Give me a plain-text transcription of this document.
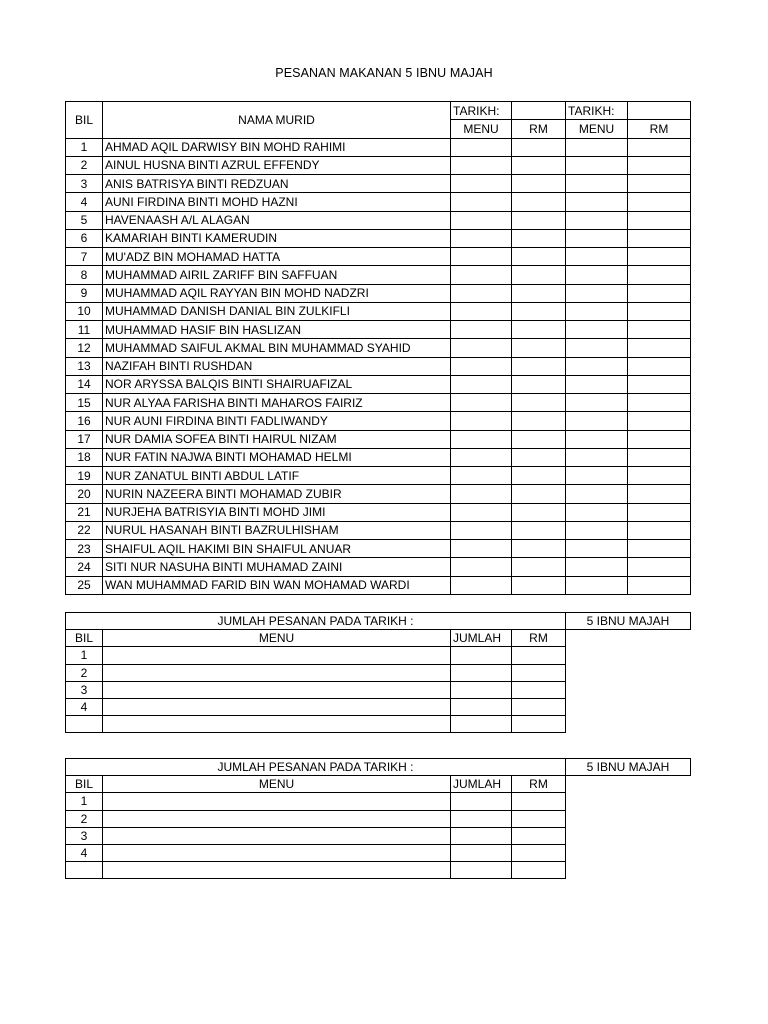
PESANAN MAKANAN 5 IBNU MAJAH
BIL	NAMA MURID	TARIKH:		TARIKH:	
		MENU	RM	MENU	RM
1	AHMAD AQIL DARWISY BIN MOHD RAHIMI				
2	AINUL HUSNA BINTI AZRUL EFFENDY				
3	ANIS BATRISYA BINTI REDZUAN				
4	AUNI FIRDINA BINTI MOHD HAZNI				
5	HAVENAASH A/L ALAGAN				
6	KAMARIAH BINTI KAMERUDIN				
7	MU'ADZ BIN MOHAMAD HATTA				
8	MUHAMMAD AIRIL ZARIFF BIN SAFFUAN				
9	MUHAMMAD AQIL RAYYAN BIN MOHD NADZRI				
10	MUHAMMAD DANISH DANIAL BIN ZULKIFLI				
11	MUHAMMAD HASIF BIN HASLIZAN				
12	MUHAMMAD SAIFUL AKMAL BIN MUHAMMAD SYAHID				
13	NAZIFAH BINTI RUSHDAN				
14	NOR ARYSSA BALQIS BINTI SHAIRUAFIZAL				
15	NUR ALYAA FARISHA BINTI MAHAROS FAIRIZ				
16	NUR AUNI FIRDINA BINTI FADLIWANDY				
17	NUR DAMIA SOFEA BINTI HAIRUL NIZAM				
18	NUR FATIN NAJWA BINTI MOHAMAD HELMI				
19	NUR ZANATUL BINTI ABDUL LATIF				
20	NURIN NAZEERA BINTI MOHAMAD ZUBIR				
21	NURJEHA BATRISYIA BINTI MOHD JIMI				
22	NURUL HASANAH BINTI BAZRULHISHAM				
23	SHAIFUL AQIL HAKIMI BIN SHAIFUL ANUAR				
24	SITI NUR NASUHA BINTI MUHAMAD ZAINI				
25	WAN MUHAMMAD FARID BIN WAN MOHAMAD WARDI				
JUMLAH PESANAN PADA TARIKH :				5 IBNU MAJAH
BIL	MENU	JUMLAH	RM	
1				
2				
3				
4				

JUMLAH PESANAN PADA TARIKH :				5 IBNU MAJAH
BIL	MENU	JUMLAH	RM	
1				
2				
3				
4				
